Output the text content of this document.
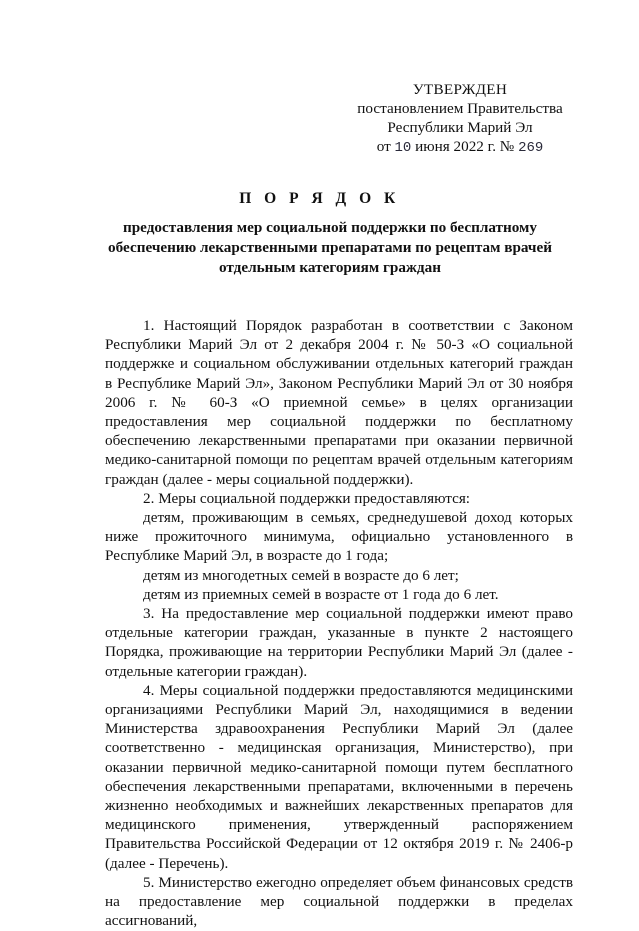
УТВЕРЖДЕН
постановлением Правительства
Республики Марий Эл
от 10 июня 2022 г. № 269
П О Р Я Д О К
предоставления мер социальной поддержки по бесплатному
обеспечению лекарственными препаратами по рецептам врачей
отдельным категориям граждан

1. Настоящий Порядок разработан в соответствии с Законом Республики Марий Эл от 2 декабря 2004 г. № 50-З «О социальной поддержке и социальном обслуживании отдельных категорий граждан в Республике Марий Эл», Законом Республики Марий Эл от 30 ноября 2006 г. № 60-З «О приемной семье» в целях организации предоставления мер социальной поддержки по бесплатному обеспечению лекарственными препаратами при оказании первичной медико-санитарной помощи по рецептам врачей отдельным категориям граждан (далее - меры социальной поддержки).

2. Меры социальной поддержки предоставляются:

детям, проживающим в семьях, среднедушевой доход которых ниже прожиточного минимума, официально установленного в Республике Марий Эл, в возрасте до 1 года;

детям из многодетных семей в возрасте до 6 лет;

детям из приемных семей в возрасте от 1 года до 6 лет.

3. На предоставление мер социальной поддержки имеют право отдельные категории граждан, указанные в пункте 2 настоящего Порядка, проживающие на территории Республики Марий Эл (далее - отдельные категории граждан).

4. Меры социальной поддержки предоставляются медицинскими организациями Республики Марий Эл, находящимися в ведении Министерства здравоохранения Республики Марий Эл (далее соответственно - медицинская организация, Министерство), при оказании первичной медико-санитарной помощи путем бесплатного обеспечения лекарственными препаратами, включенными в перечень жизненно необходимых и важнейших лекарственных препаратов для медицинского применения, утвержденный распоряжением Правительства Российской Федерации от 12 октября 2019 г. № 2406-р (далее - Перечень).

5. Министерство ежегодно определяет объем финансовых средств на предоставление мер социальной поддержки в пределах ассигнований,
